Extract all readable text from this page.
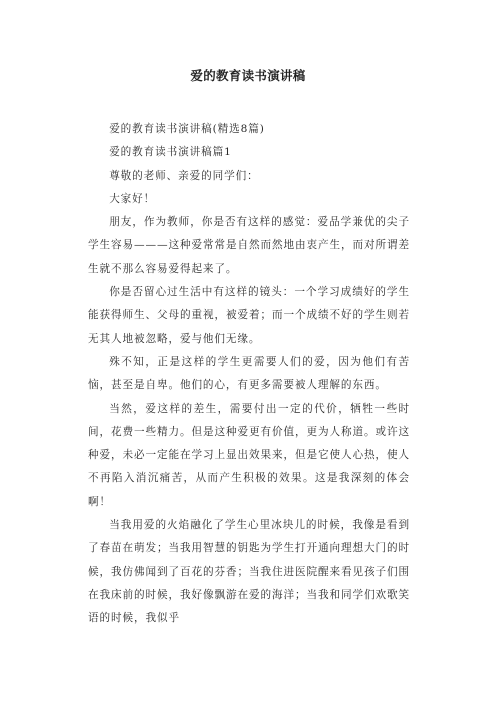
爱的教育读书演讲稿

爱的教育读书演讲稿(精选8篇)

爱的教育读书演讲稿篇1

尊敬的老师、亲爱的同学们：

大家好！

朋友，作为教师，你是否有这样的感觉：爱品学兼优的尖子学生容易———这种爱常常是自然而然地由衷产生，而对所谓差生就不那么容易爱得起来了。

你是否留心过生活中有这样的镜头：一个学习成绩好的学生能获得师生、父母的重视，被爱着；而一个成绩不好的学生则若无其人地被忽略，爱与他们无缘。

殊不知，正是这样的学生更需要人们的爱，因为他们有苦恼，甚至是自卑。他们的心，有更多需要被人理解的东西。

当然，爱这样的差生，需要付出一定的代价，牺牲一些时间，花费一些精力。但是这种爱更有价值，更为人称道。或许这种爱，未必一定能在学习上显出效果来，但是它使人心热，使人不再陷入消沉痛苦，从而产生积极的效果。这是我深刻的体会啊！

当我用爱的火焰融化了学生心里冰块儿的时候，我像是看到了春苗在萌发；当我用智慧的钥匙为学生打开通向理想大门的时候，我仿佛闻到了百花的芬香；当我住进医院醒来看见孩子们围在我床前的时候，我好像飘游在爱的海洋；当我和同学们欢歌笑语的时候，我似乎
